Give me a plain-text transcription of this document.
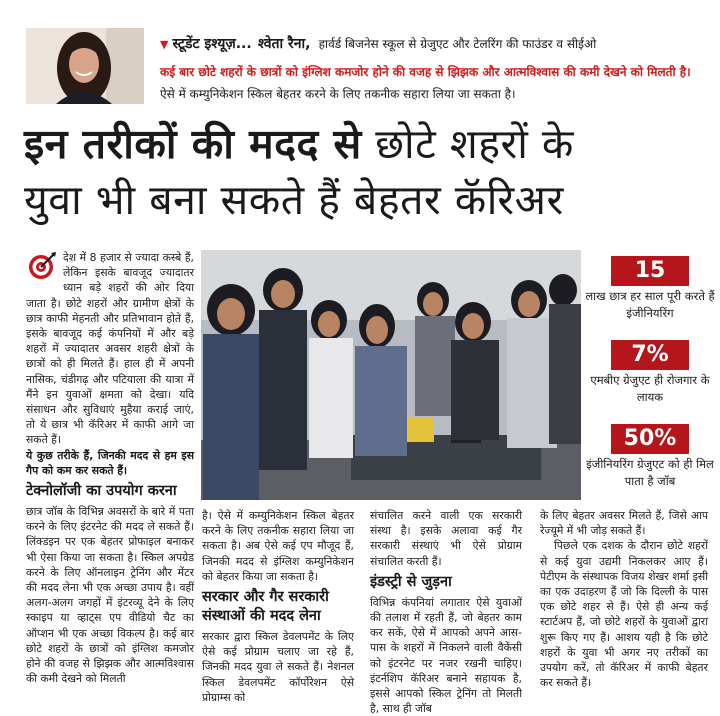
▼ स्टूडेंट इश्यूज़... श्वेता रैना, हार्वर्ड बिजनेस स्कूल से ग्रेजुएट और टेलरिंग की फाउंडर व सीईओ
कई बार छोटे शहरों के छात्रों को इंग्लिश कमजोर होने की वजह से झिझक और आत्मविश्वास की कमी देखने को मिलती है।
ऐसे में कम्युनिकेशन स्किल बेहतर करने के लिए तकनीक सहारा लिया जा सकता है।
इन तरीकों की मदद से छोटे शहरों के
युवा भी बना सकते हैं बेहतर कॅरिअर
15
लाख छात्र हर साल पूरी करते हैं इंजीनियरिंग
7%
एमबीए ग्रेजुएट ही रोजगार के लायक
50%
इंजीनियरिंग ग्रेजुएट को ही मिल पाता है जॉब

देश में 8 हजार से ज्यादा कस्बे हैं, लेकिन इसके बावजूद ज्यादातर ध्यान बड़े शहरों की ओर दिया जाता है। छोटे शहरों और ग्रामीण क्षेत्रों के छात्र काफी मेहनती और प्रतिभावान होते हैं, इसके बावजूद कई कंपनियों में और बड़े शहरों में ज्यादातर अवसर शहरी क्षेत्रों के छात्रों को ही मिलते हैं। हाल ही में अपनी नासिक, चंडीगढ़ और पटियाला की यात्रा में मैंने इन युवाओं क्षमता को देखा। यदि संसाधन और सुविधाएं मुहैया कराई जाएं, तो ये छात्र भी कॅरिअर में काफी आगे जा सकते हैं।

ये कुछ तरीके हैं, जिनकी मदद से हम इस गैप को कम कर सकते हैं।

टेक्नोलॉजी का उपयोग करना

छात्र जॉब के विभिन्न अवसरों के बारे में पता करने के लिए इंटरनेट की मदद ले सकते हैं। लिंक्डइन पर एक बेहतर प्रोफाइल बनाकर भी ऐसा किया जा सकता है। स्किल अपग्रेड करने के लिए ऑनलाइन ट्रेनिंग और मेंटर की मदद लेना भी एक अच्छा उपाय है। वहीं अलग-अलग जगहों में इंटरव्यू देने के लिए स्काइप या व्हाट्स एप वीडियो चैट का ऑप्शन भी एक अच्छा विकल्प है। कई बार छोटे शहरों के छात्रों को इंग्लिश कमजोर होने की वजह से झिझक और आत्मविश्वास की कमी देखने को मिलती

है। ऐसे में कम्युनिकेशन स्किल बेहतर करने के लिए तकनीक सहारा लिया जा सकता है। अब ऐसे कई एप मौजूद हैं, जिनकी मदद से इंग्लिश कम्युनिकेशन को बेहतर किया जा सकता है।

सरकार और गैर सरकारी संस्थाओं की मदद लेना

सरकार द्वारा स्किल डेवलपमेंट के लिए ऐसे कई प्रोग्राम चलाए जा रहे हैं, जिनकी मदद युवा ले सकते हैं। नेशनल स्किल डेवलपमेंट कॉर्पोरेशन ऐसे प्रोग्राम्स को

संचालित करने वाली एक सरकारी संस्था है। इसके अलावा कई गैर सरकारी संस्थाएं भी ऐसे प्रोग्राम संचालित करती हैं।

इंडस्ट्री से जुड़ना

विभिन्न कंपनियां लगातार ऐसे युवाओं की तलाश में रहती हैं, जो बेहतर काम कर सकें, ऐसे में आपको अपने आस-पास के शहरों में निकलने वाली वैकेंसी को इंटरनेट पर नजर रखनी चाहिए। इंटर्नशिप कॅरिअर बनाने सहायक है, इससे आपको स्किल ट्रेनिंग तो मिलती है, साथ ही जॉब

के लिए बेहतर अवसर मिलते हैं, जिसे आप रेज्यूमे में भी जोड़ सकते हैं।

पिछले एक दशक के दौरान छोटे शहरों से कई युवा उद्यमी निकलकर आए हैं। पेटीएम के संस्थापक विजय शेखर शर्मा इसी का एक उदाहरण हैं जो कि दिल्ली के पास एक छोटे शहर से हैं। ऐसे ही अन्य कई स्टार्टअप हैं, जो छोटे शहरों के युवाओं द्वारा शुरू किए गए हैं। आशय यही है कि छोटे शहरों के युवा भी अगर नए तरीकों का उपयोग करें, तो कॅरिअर में काफी बेहतर कर सकते हैं।
